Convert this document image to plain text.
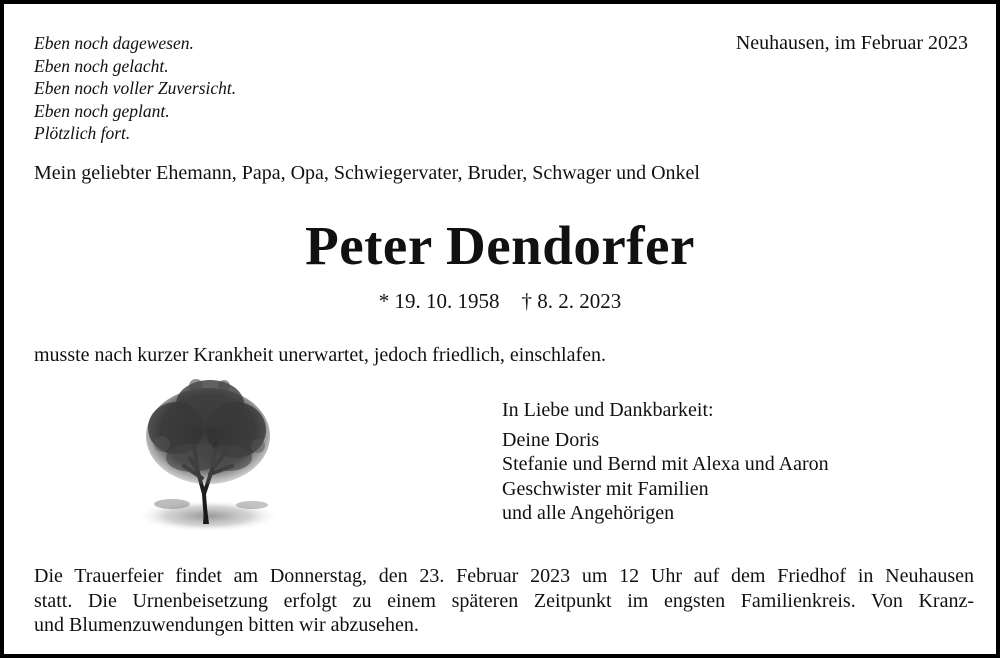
Eben noch dagewesen.
Eben noch gelacht.
Eben noch voller Zuversicht.
Eben noch geplant.
Plötzlich fort.
Neuhausen, im Februar 2023
Mein geliebter Ehemann, Papa, Opa, Schwiegervater, Bruder, Schwager und Onkel
Peter Dendorfer
* 19. 10. 1958 † 8. 2. 2023
musste nach kurzer Krankheit unerwartet, jedoch friedlich, einschlafen.
In Liebe und Dankbarkeit:
Deine Doris
Stefanie und Bernd mit Alexa und Aaron
Geschwister mit Familien
und alle Angehörigen
Die Trauerfeier findet am Donnerstag, den 23. Februar 2023 um 12 Uhr auf dem Friedhof in Neuhausen
statt. Die Urnenbeisetzung erfolgt zu einem späteren Zeitpunkt im engsten Familienkreis. Von Kranz-
und Blumenzuwendungen bitten wir abzusehen.
